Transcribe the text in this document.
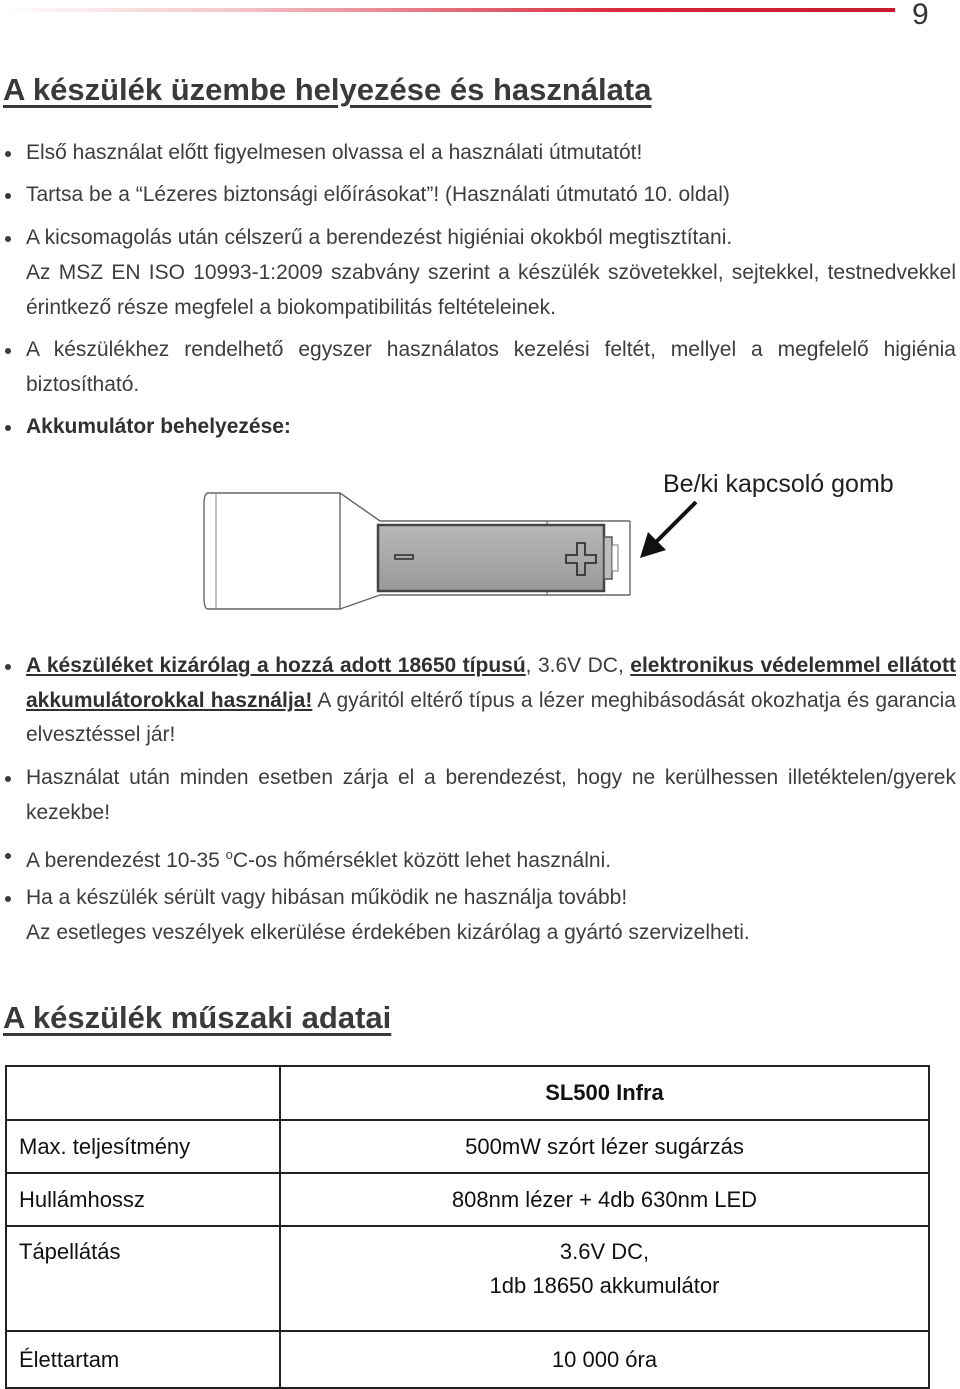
9
A készülék üzembe helyezése és használata
Első használat előtt figyelmesen olvassa el a használati útmutatót!
Tartsa be a “Lézeres biztonsági előírásokat”! (Használati útmutató 10. oldal)
A kicsomagolás után célszerű a berendezést higiéniai okokból megtisztítani.
Az MSZ EN ISO 10993-1:2009 szabvány szerint a készülék szövetekkel, sejtekkel, testnedvekkel érintkező része megfelel a biokompatibilitás feltételeinek.
A készülékhez rendelhető egyszer használatos kezelési feltét, mellyel a megfelelő higiénia biztosítható.
Akkumulátor behelyezése:
Be/ki kapcsoló gomb
A készüléket kizárólag a hozzá adott 18650 típusú, 3.6V DC, elektronikus védelemmel ellátott akkumulátorokkal használja! A gyáritól eltérő típus a lézer meghibásodását okozhatja és garancia elvesztéssel jár!
Használat után minden esetben zárja el a berendezést, hogy ne kerülhessen illetéktelen/gyerek kezekbe!
A berendezést 10-35 $^o$C-os hőmérséklet között lehet használni.
Ha a készülék sérült vagy hibásan működik ne használja tovább!
Az esetleges veszélyek elkerülése érdekében kizárólag a gyártó szervizelheti.
A készülék műszaki adatai
	SL500 Infra
Max. teljesítmény	500mW szórt lézer sugárzás
Hullámhossz	808nm lézer + 4db 630nm LED
Tápellátás	3.6V DC,
1db 18650 akkumulátor

Élettartam	10 000 óra
